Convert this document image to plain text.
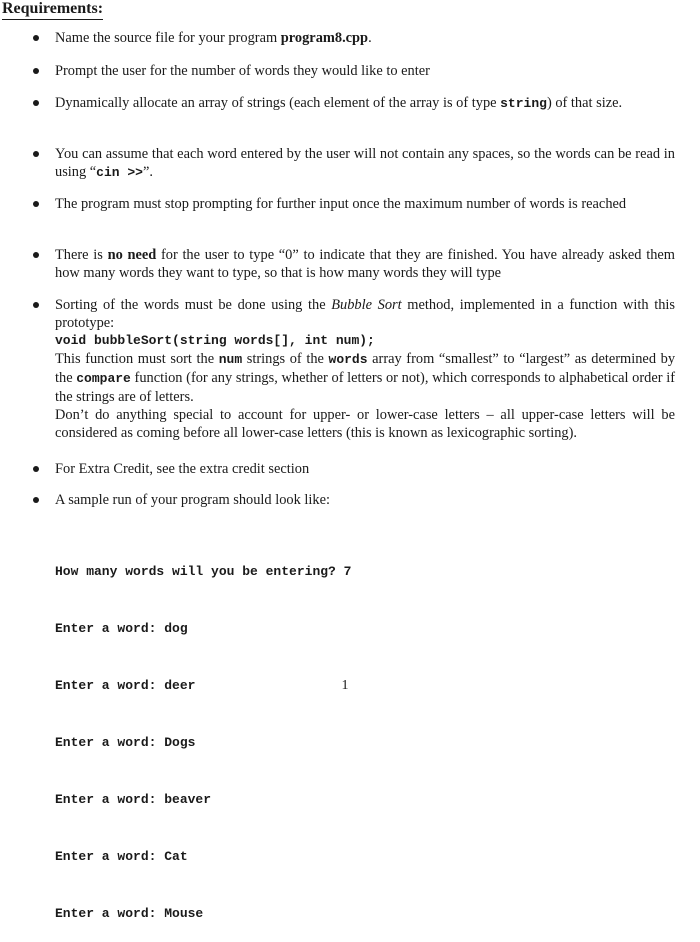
Requirements:
Name the source file for your program program8.cpp.
Prompt the user for the number of words they would like to enter
Dynamically allocate an array of strings (each element of the array is of type string) of that size.
You can assume that each word entered by the user will not contain any spaces, so the words can be read in using “cin >>”.
The program must stop prompting for further input once the maximum number of words is reached
There is no need for the user to type “0” to indicate that they are finished. You have already asked them how many words they want to type, so that is how many words they will type
Sorting of the words must be done using the Bubble Sort method, implemented in a function with this prototype:
void bubbleSort(string words[], int num);
This function must sort the num strings of the words array from “smallest” to “largest” as determined by the compare function (for any strings, whether of letters or not), which corresponds to alphabetical order if the strings are of letters.
Don’t do anything special to account for upper- or lower-case letters – all upper-case letters will be considered as coming before all lower-case letters (this is known as lexicographic sorting).
For Extra Credit, see the extra credit section
A sample run of your program should look like:

How many words will you be entering? 7

Enter a word: dog

Enter a word: deer

Enter a word: Dogs

Enter a word: beaver

Enter a word: Cat

Enter a word: Mouse

1
